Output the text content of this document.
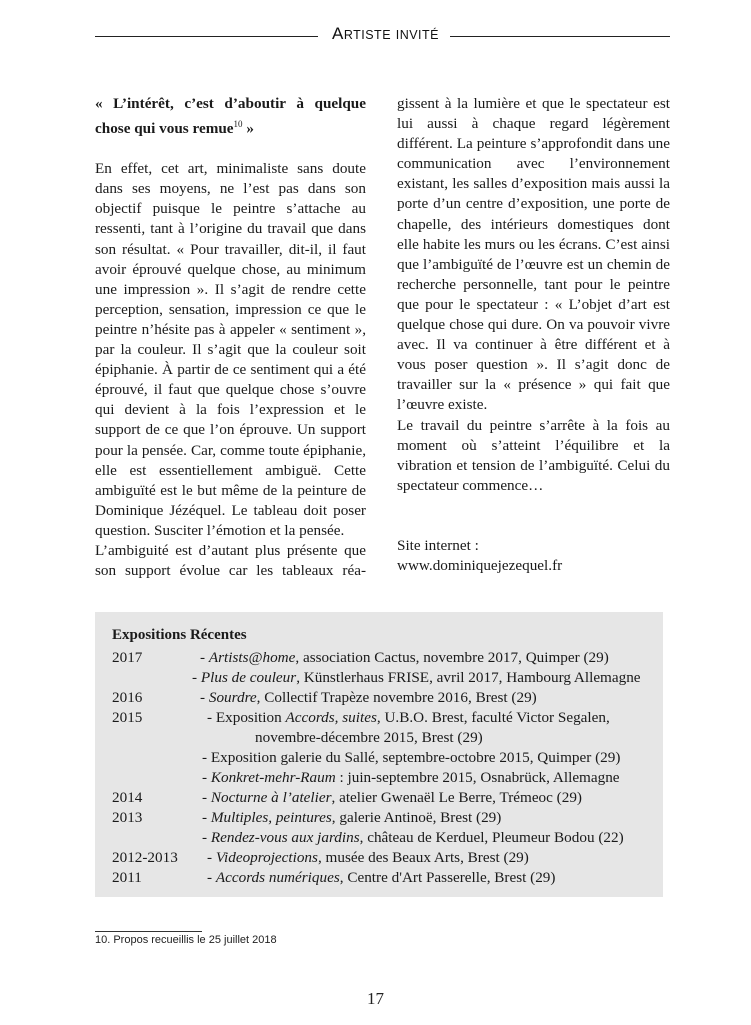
ARTISTE INVITÉ

« L’intérêt, c’est d’aboutir à quelque chose qui vous remue$^{10}$ »

En effet, cet art, minimaliste sans doute dans ses moyens, ne l’est pas dans son objectif puisque le peintre s’attache au ressenti, tant à l’origine du travail que dans son résultat. « Pour travailler, dit-il, il faut avoir éprouvé quelque chose, au minimum une impression ». Il s’agit de rendre cette perception, sensation, impression ce que le peintre n’hésite pas à appeler « sentiment », par la couleur. Il s’agit que la couleur soit épiphanie. À partir de ce sentiment qui a été éprouvé, il faut que quelque chose s’ouvre qui devient à la fois l’expression et le support de ce que l’on éprouve. Un support pour la pensée. Car, comme toute épiphanie, elle est essentiellement ambiguë. Cette ambiguïté est le but même de la peinture de Dominique Jézéquel. Le tableau doit poser question. Susciter l’émotion et la pensée.

L’ambiguité est d’autant plus présente que son support évolue car les tableaux réa-

gissent à la lumière et que le spectateur est lui aussi à chaque regard légèrement différent. La peinture s’approfondit dans une communication avec l’environnement existant, les salles d’exposition mais aussi la porte d’un centre d’exposition, une porte de chapelle, des intérieurs domestiques dont elle habite les murs ou les écrans. C’est ainsi que l’ambiguïté de l’œuvre est un chemin de recherche personnelle, tant pour le peintre que pour le spectateur : « L’objet d’art est quelque chose qui dure. On va pouvoir vivre avec. Il va continuer à être différent et à vous poser question ». Il s’agit donc de travailler sur la « présence » qui fait que l’œuvre existe.

Le travail du peintre s’arrête à la fois au moment où s’atteint l’équilibre et la vibration et tension de l’ambiguïté. Celui du spectateur commence…

Site internet :

www.dominiquejezequel.fr

Expositions Récentes
2017	- Artists@home, association Cactus, novembre 2017, Quimper (29)
- Plus de couleur, Künstlerhaus FRISE, avril 2017, Hambourg Allemagne
2016	- Sourdre, Collectif Trapèze novembre 2016, Brest (29)
2015	- Exposition Accords, suites, U.B.O. Brest, faculté Victor Segalen,
novembre-décembre 2015, Brest (29)
- Exposition galerie du Sallé, septembre-octobre 2015, Quimper (29)
- Konkret-mehr-Raum : juin-septembre 2015, Osnabrück, Allemagne
2014	- Nocturne à l’atelier, atelier Gwenaël Le Berre, Trémeoc (29)
2013	- Multiples, peintures, galerie Antinoë, Brest (29)
- Rendez-vous aux jardins, château de Kerduel, Pleumeur Bodou (22)
2012-2013 - Videoprojections, musée des Beaux Arts, Brest (29)
2011	- Accords numériques, Centre d'Art Passerelle, Brest (29)
10. Propos recueillis le 25 juillet 2018
17
